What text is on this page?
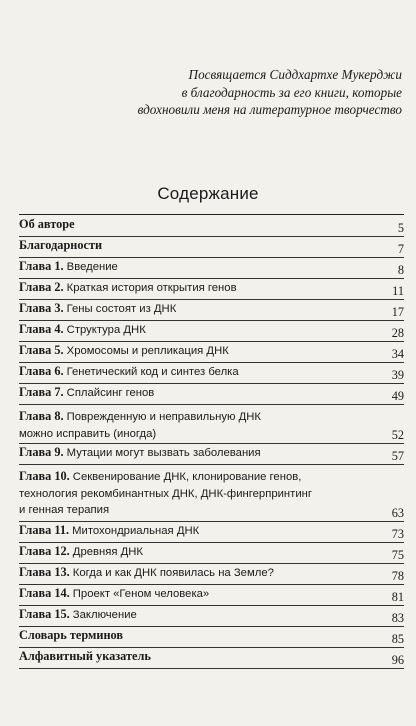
Посвящается Сиддхартхе Мукерджи
в благодарность за его книги, которые
вдохновили меня на литературное творчество
Содержание
Об авторе	5
Благодарности	7
Глава 1. Введение	8
Глава 2. Краткая история открытия генов	11
Глава 3. Гены состоят из ДНК	17
Глава 4. Структура ДНК	28
Глава 5. Хромосомы и репликация ДНК	34
Глава 6. Генетический код и синтез белка	39
Глава 7. Сплайсинг генов	49
Глава 8. Поврежденную и неправильную ДНК
можно исправить (иногда)	52
Глава 9. Мутации могут вызвать заболевания	57
Глава 10. Секвенирование ДНК, клонирование генов,
технология рекомбинантных ДНК, ДНК-фингерпринтинг
и генная терапия	63
Глава 11. Митохондриальная ДНК	73
Глава 12. Древняя ДНК	75
Глава 13. Когда и как ДНК появилась на Земле?	78
Глава 14. Проект «Геном человека»	81
Глава 15. Заключение	83
Словарь терминов	85
Алфавитный указатель	96
